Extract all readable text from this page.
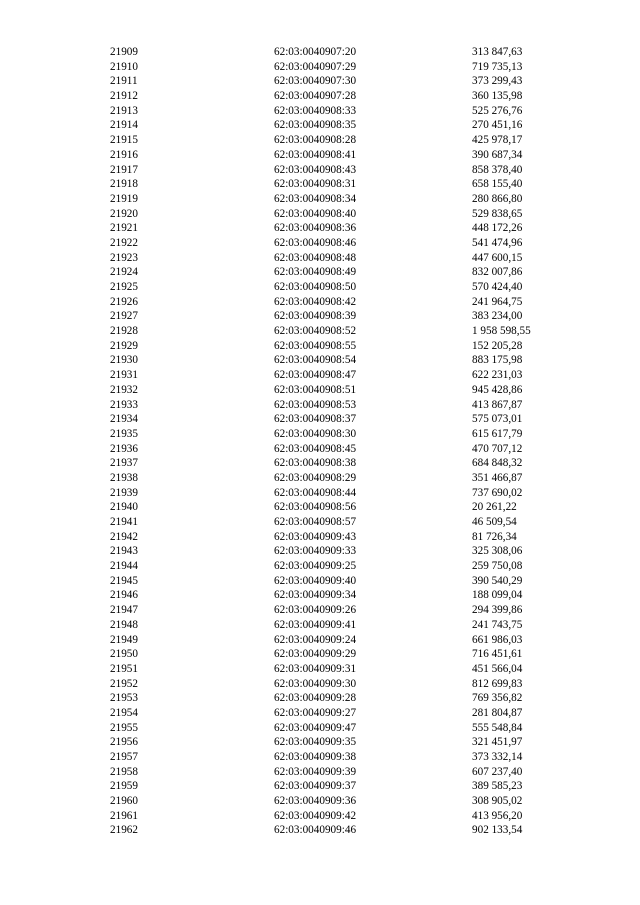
21909	62:03:0040907:20	313 847,63
21910	62:03:0040907:29	719 735,13
21911	62:03:0040907:30	373 299,43
21912	62:03:0040907:28	360 135,98
21913	62:03:0040908:33	525 276,76
21914	62:03:0040908:35	270 451,16
21915	62:03:0040908:28	425 978,17
21916	62:03:0040908:41	390 687,34
21917	62:03:0040908:43	858 378,40
21918	62:03:0040908:31	658 155,40
21919	62:03:0040908:34	280 866,80
21920	62:03:0040908:40	529 838,65
21921	62:03:0040908:36	448 172,26
21922	62:03:0040908:46	541 474,96
21923	62:03:0040908:48	447 600,15
21924	62:03:0040908:49	832 007,86
21925	62:03:0040908:50	570 424,40
21926	62:03:0040908:42	241 964,75
21927	62:03:0040908:39	383 234,00
21928	62:03:0040908:52	1 958 598,55
21929	62:03:0040908:55	152 205,28
21930	62:03:0040908:54	883 175,98
21931	62:03:0040908:47	622 231,03
21932	62:03:0040908:51	945 428,86
21933	62:03:0040908:53	413 867,87
21934	62:03:0040908:37	575 073,01
21935	62:03:0040908:30	615 617,79
21936	62:03:0040908:45	470 707,12
21937	62:03:0040908:38	684 848,32
21938	62:03:0040908:29	351 466,87
21939	62:03:0040908:44	737 690,02
21940	62:03:0040908:56	20 261,22
21941	62:03:0040908:57	46 509,54
21942	62:03:0040909:43	81 726,34
21943	62:03:0040909:33	325 308,06
21944	62:03:0040909:25	259 750,08
21945	62:03:0040909:40	390 540,29
21946	62:03:0040909:34	188 099,04
21947	62:03:0040909:26	294 399,86
21948	62:03:0040909:41	241 743,75
21949	62:03:0040909:24	661 986,03
21950	62:03:0040909:29	716 451,61
21951	62:03:0040909:31	451 566,04
21952	62:03:0040909:30	812 699,83
21953	62:03:0040909:28	769 356,82
21954	62:03:0040909:27	281 804,87
21955	62:03:0040909:47	555 548,84
21956	62:03:0040909:35	321 451,97
21957	62:03:0040909:38	373 332,14
21958	62:03:0040909:39	607 237,40
21959	62:03:0040909:37	389 585,23
21960	62:03:0040909:36	308 905,02
21961	62:03:0040909:42	413 956,20
21962	62:03:0040909:46	902 133,54
